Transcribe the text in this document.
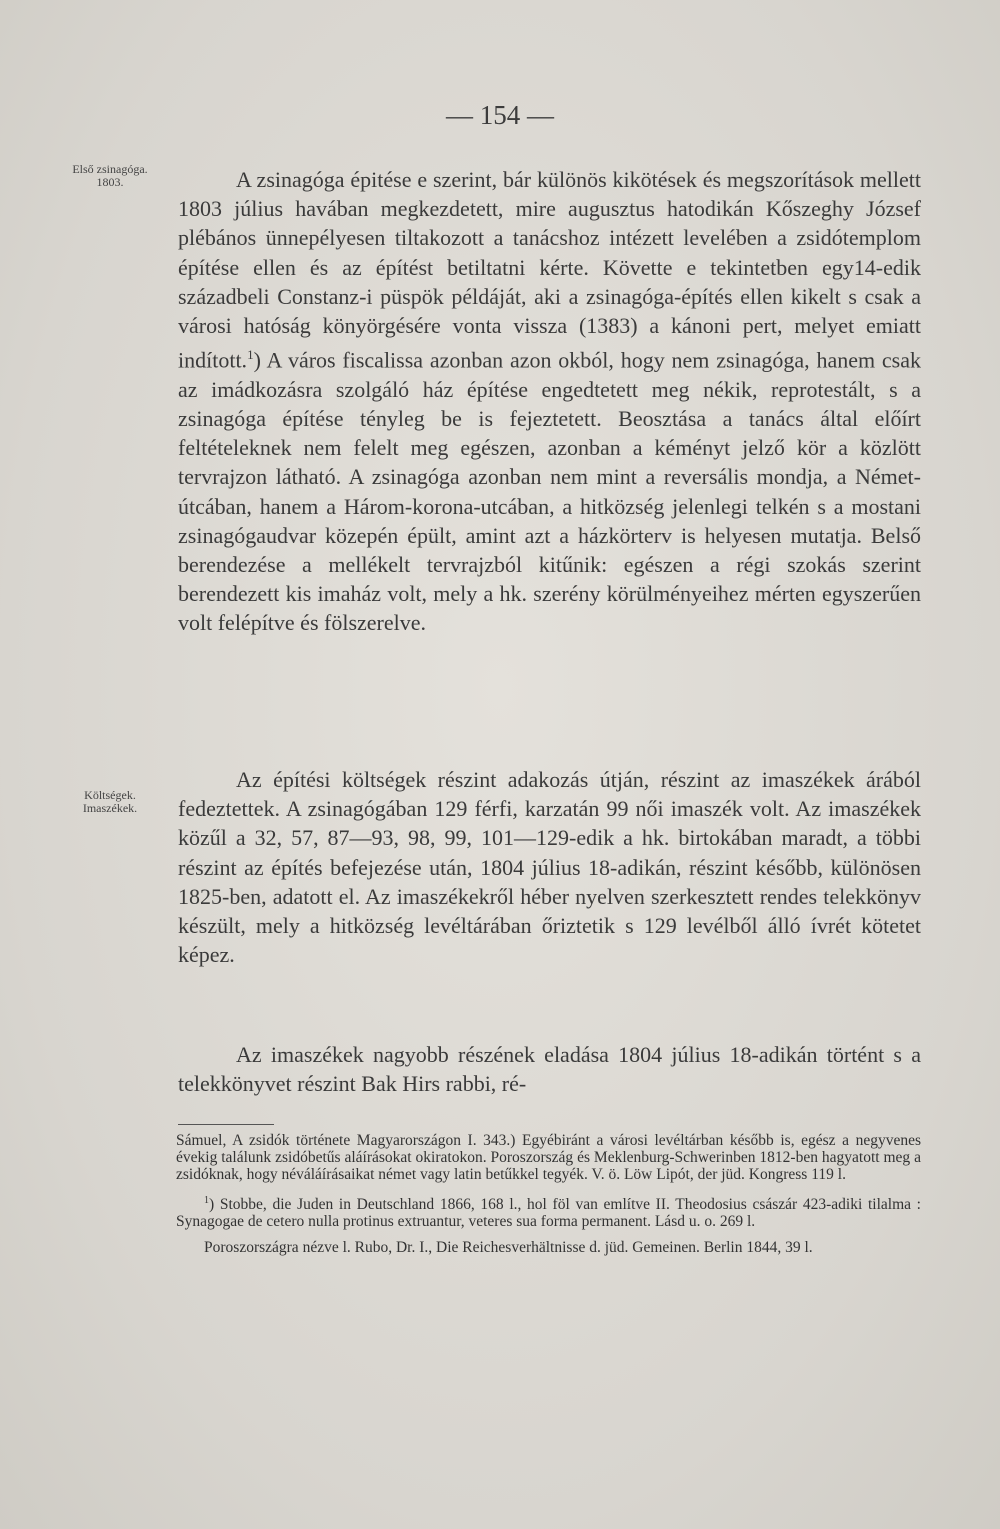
— 154 —
Első zsinagóga.
1803.
Költségek.
Imaszékek.

A zsinagóga épitése e szerint, bár különös kikötések és megszorítások mellett 1803 július havában megkezdetett, mire augusztus hatodikán Kőszeghy József plébános ünnepélyesen tiltakozott a tanácshoz intézett levelében a zsidótemplom építése ellen és az építést betiltatni kérte. Követte e tekintetben egy14-edik századbeli Constanz-i püspök példáját, aki a zsinagóga-építés ellen kikelt s csak a városi hatóság könyörgésére vonta vissza (1383) a kánoni pert, melyet emiatt indított.$^1$) A város fiscalissa azonban azon okból, hogy nem zsinagóga, hanem csak az imádkozásra szolgáló ház építése engedtetett meg nékik, reprotestált, s a zsinagóga építése tényleg be is fejeztetett. Beosztása a tanács által előírt feltételeknek nem felelt meg egészen, azonban a kéményt jelző kör a közlött tervrajzon látható. A zsinagóga azonban nem mint a reversális mondja, a Német-útcában, hanem a Három-korona-utcában, a hitközség jelenlegi telkén s a mostani zsinagógaudvar közepén épült, amint azt a házkörterv is helyesen mutatja. Belső berendezése a mellékelt tervrajzból kitűnik: egészen a régi szokás szerint berendezett kis imaház volt, mely a hk. szerény körülményeihez mérten egyszerűen volt felépítve és fölszerelve.

Az építési költségek részint adakozás útján, részint az imaszékek árából fedeztettek. A zsinagógában 129 férfi, karzatán 99 női imaszék volt. Az imaszékek közűl a 32, 57, 87—93, 98, 99, 101—129-edik a hk. birtokában maradt, a többi részint az építés befejezése után, 1804 július 18-adikán, részint később, különösen 1825-ben, adatott el. Az imaszékekről héber nyelven szerkesztett rendes telekkönyv készült, mely a hitközség levéltárában őriztetik s 129 levélből álló ívrét kötetet képez.

Az imaszékek nagyobb részének eladása 1804 július 18-adikán történt s a telekkönyvet részint Bak Hirs rabbi, ré-

Sámuel, A zsidók története Magyarországon I. 343.) Egyébiránt a városi levéltárban később is, egész a negyvenes évekig találunk zsidóbetűs aláírásokat okiratokon. Poroszország és Meklenburg-Schwerinben 1812-ben hagyatott meg a zsidóknak, hogy néváláírásaikat német vagy latin betűkkel tegyék. V. ö. Löw Lipót, der jüd. Kongress 119 l.

$^1$) Stobbe, die Juden in Deutschland 1866, 168 l., hol föl van említve II. Theodosius császár 423-adiki tilalma : Synagogae de cetero nulla protinus extruantur, veteres sua forma permanent. Lásd u. o. 269 l.

Poroszországra nézve l. Rubo, Dr. I., Die Reichesverhältnisse d. jüd. Gemeinen. Berlin 1844, 39 l.
